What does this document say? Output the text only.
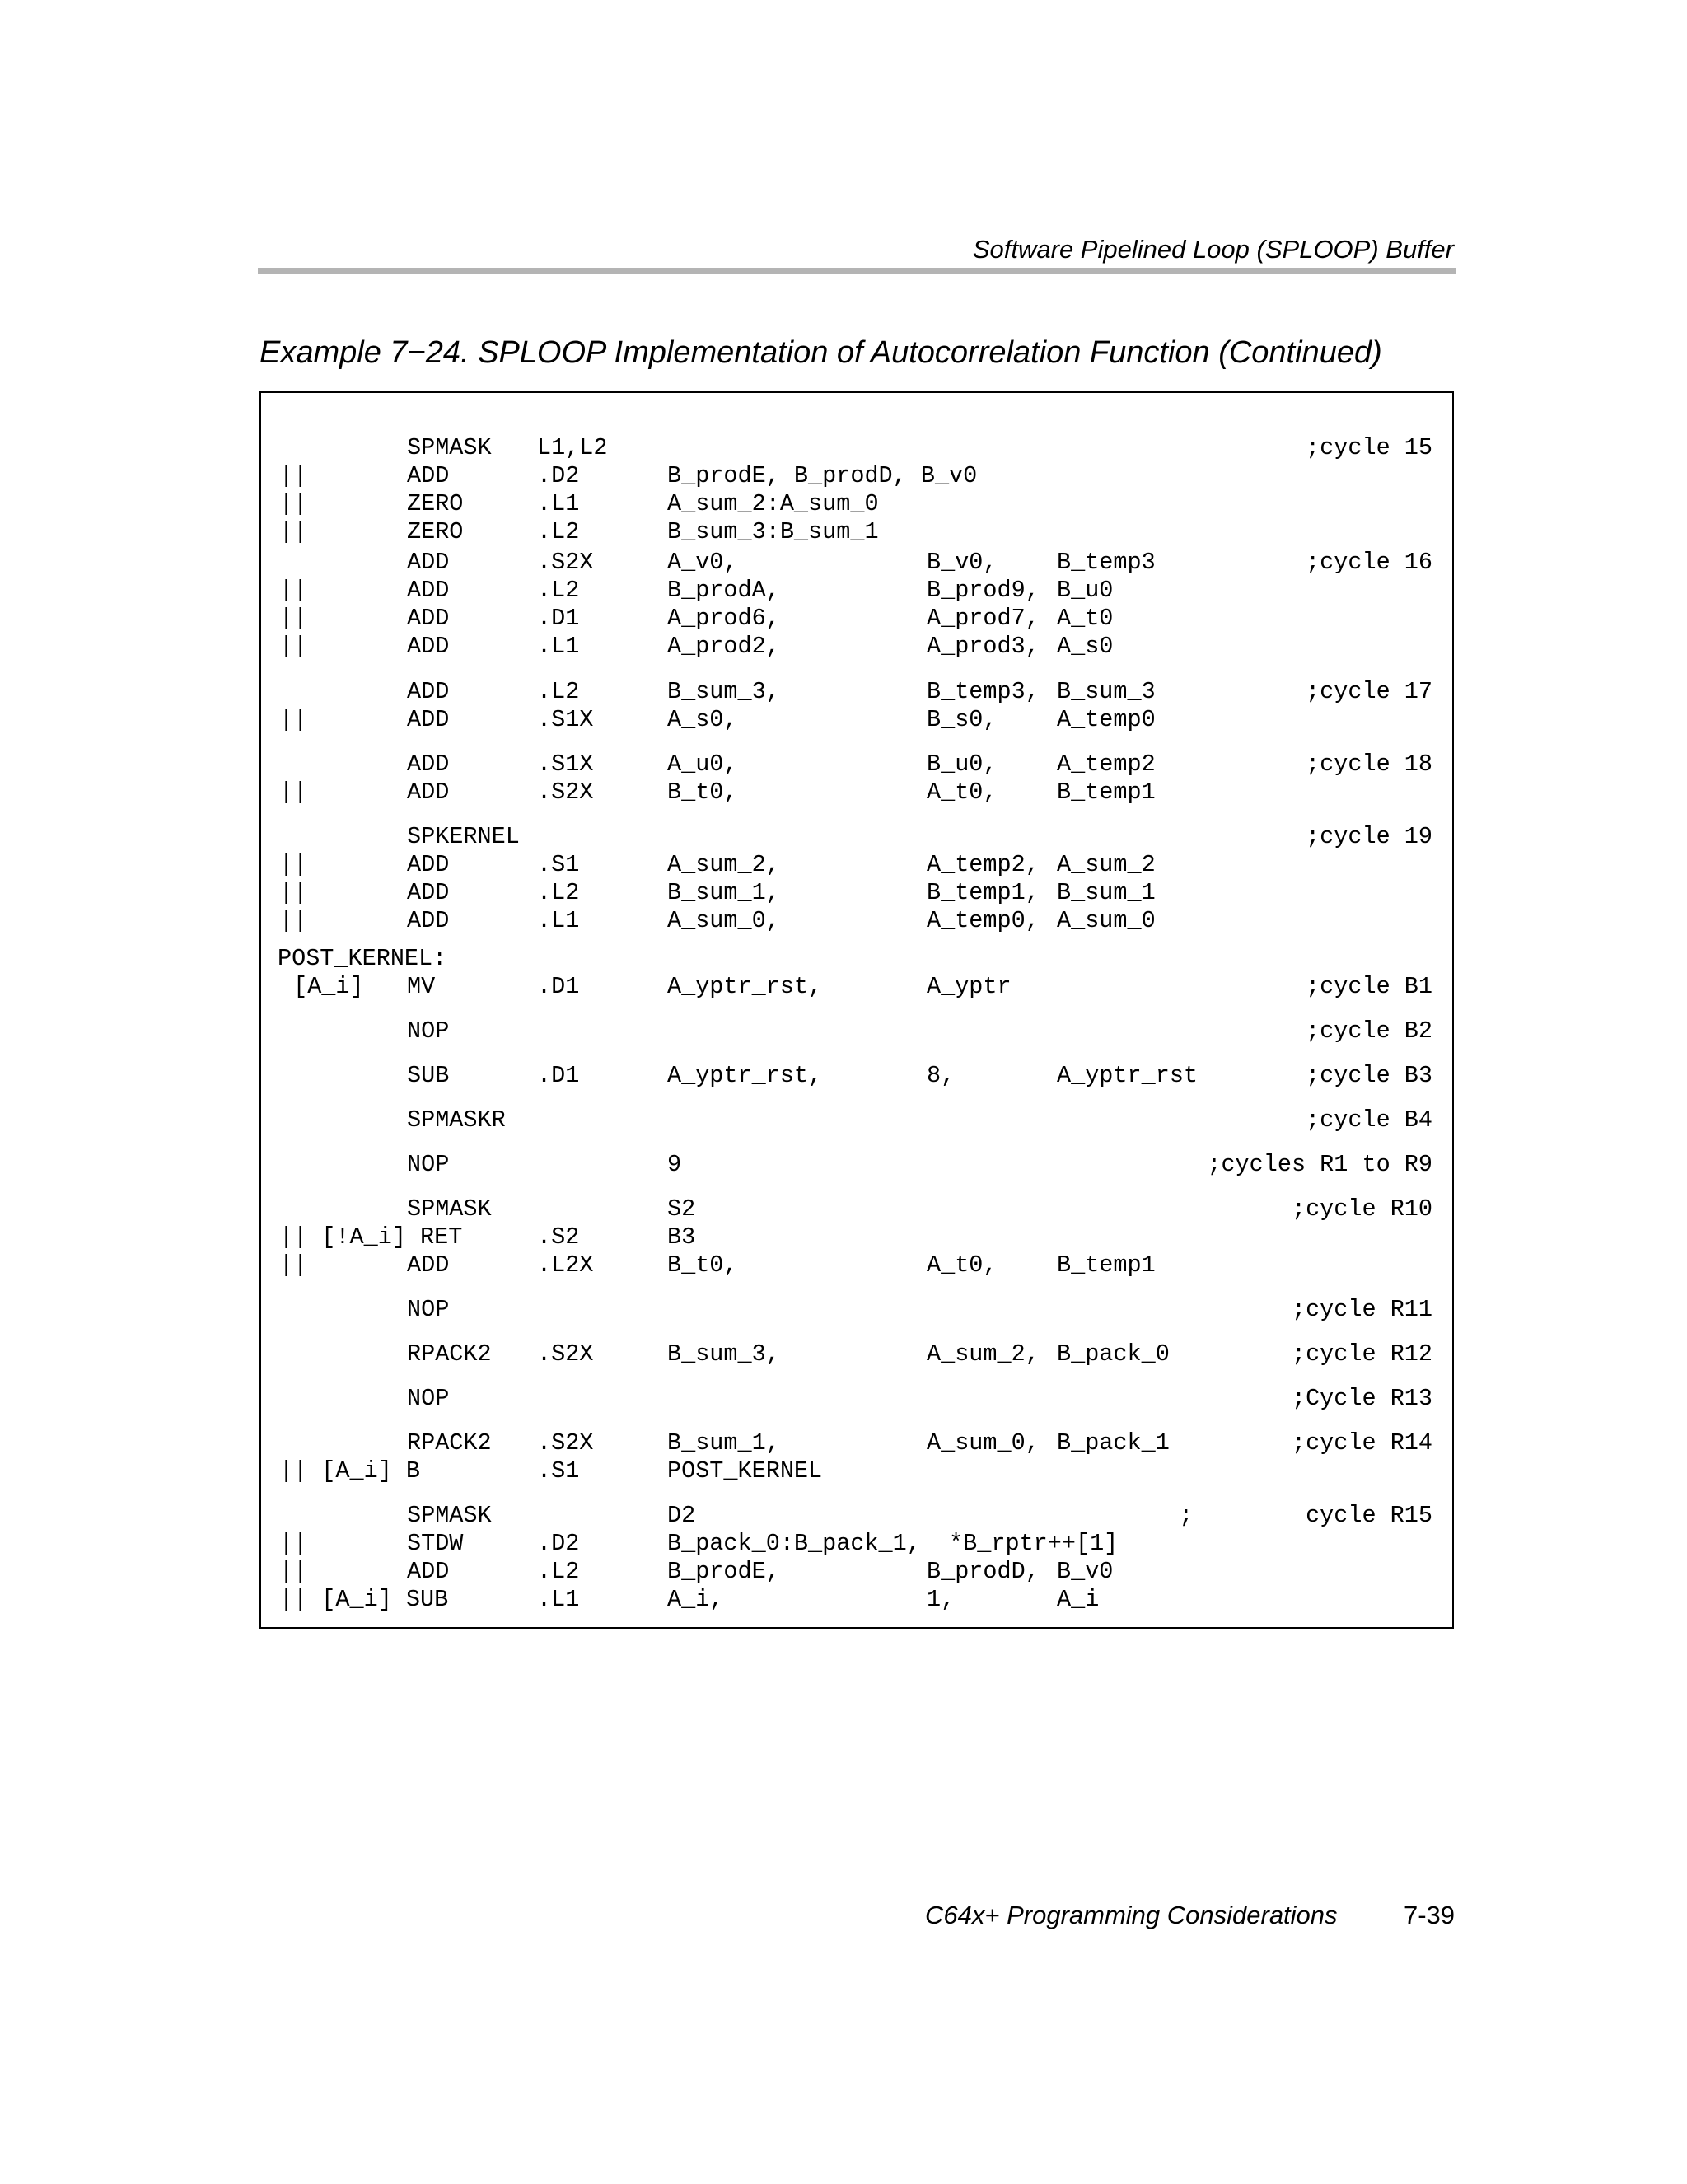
Software Pipelined Loop (SPLOOP) Buffer
Example 7−24. SPLOOP Implementation of Autocorrelation Function (Continued)
SPMASK L1,L2	;cycle 15
||	ADD	.D2	B_prodE, B_prodD, B_v0
||	ZERO	.L1	A_sum_2:A_sum_0
||	ZERO	.L2	B_sum_3:B_sum_1
ADD	.S2X	A_v0,	B_v0,	B_temp3	;cycle 16
||	ADD	.L2	B_prodA,	B_prod9, B_u0
||	ADD	.D1	A_prod6,	A_prod7, A_t0
||	ADD	.L1	A_prod2,	A_prod3, A_s0
ADD	.L2	B_sum_3,	B_temp3, B_sum_3	;cycle 17
||	ADD	.S1X	A_s0,	B_s0,	A_temp0
ADD	.S1X	A_u0,	B_u0,	A_temp2	;cycle 18
||	ADD	.S2X	B_t0,	A_t0,	B_temp1
SPKERNEL	;cycle 19
||	ADD	.S1	A_sum_2,	A_temp2, A_sum_2
||	ADD	.L2	B_sum_1,	B_temp1, B_sum_1
||	ADD	.L1	A_sum_0,	A_temp0, A_sum_0
POST_KERNEL:
[A_i] MV	.D1	A_yptr_rst,	A_yptr	;cycle B1
NOP	;cycle B2
SUB	.D1	A_yptr_rst,	8,	A_yptr_rst	;cycle B3
SPMASKR	;cycle B4
NOP	9	;cycles R1 to R9
SPMASK	S2	;cycle R10
|| [!A_i] RET	.S2	B3
||	ADD	.L2X	B_t0,	A_t0,	B_temp1
NOP	;cycle R11
RPACK2 .S2X	B_sum_3,	A_sum_2, B_pack_0	;cycle R12
NOP	;Cycle R13
RPACK2 .S2X	B_sum_1,	A_sum_0, B_pack_1	;cycle R14
|| [A_i] B	.S1	POST_KERNEL
SPMASK	D2	;        cycle R15
||	STDW	.D2	B_pack_0:B_pack_1,  *B_rptr++[1]
||	ADD	.L2	B_prodE,	B_prodD, B_v0
|| [A_i] SUB	.L1	A_i,	1,	A_i
C64x+ Programming Considerations	7-39
